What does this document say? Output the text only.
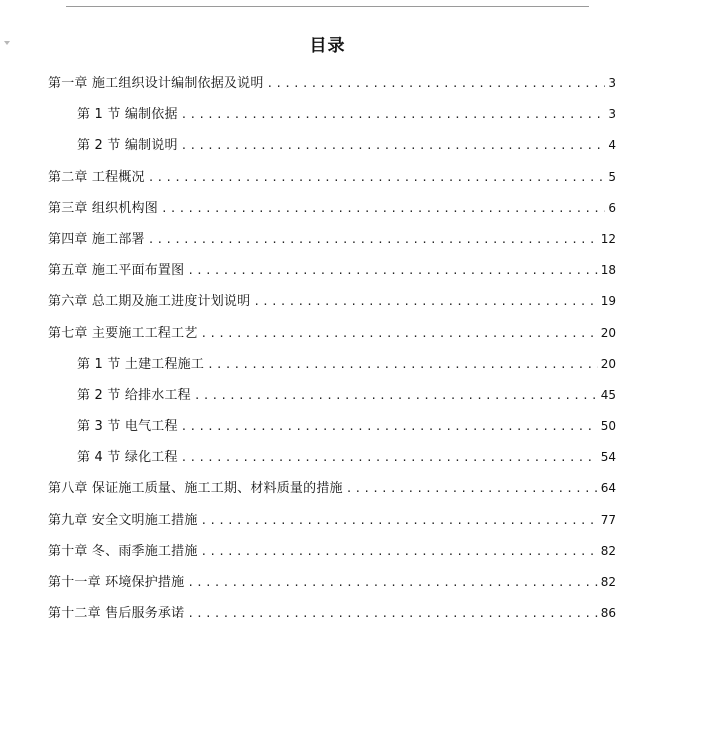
目录
第一章 施工组织设计编制依据及说明 .....	3
第 1 节 编制依据 .....	3
第 2 节 编制说明 .....	4
第二章 工程概况 .....	5
第三章 组织机构图 .....	6
第四章 施工部署 .....	12
第五章 施工平面布置图 .....	18
第六章 总工期及施工进度计划说明 .....	19
第七章 主要施工工程工艺 .....	20
第 1 节 土建工程施工 .....	20
第 2 节 给排水工程 .....	45
第 3 节 电气工程 .....	50
第 4 节 绿化工程 .....	54
第八章 保证施工质量、施工工期、材料质量的措施 .....	64
第九章 安全文明施工措施 .....	77
第十章 冬、雨季施工措施 .....	82
第十一章 环境保护措施 .....	82
第十二章 售后服务承诺 .....	86
